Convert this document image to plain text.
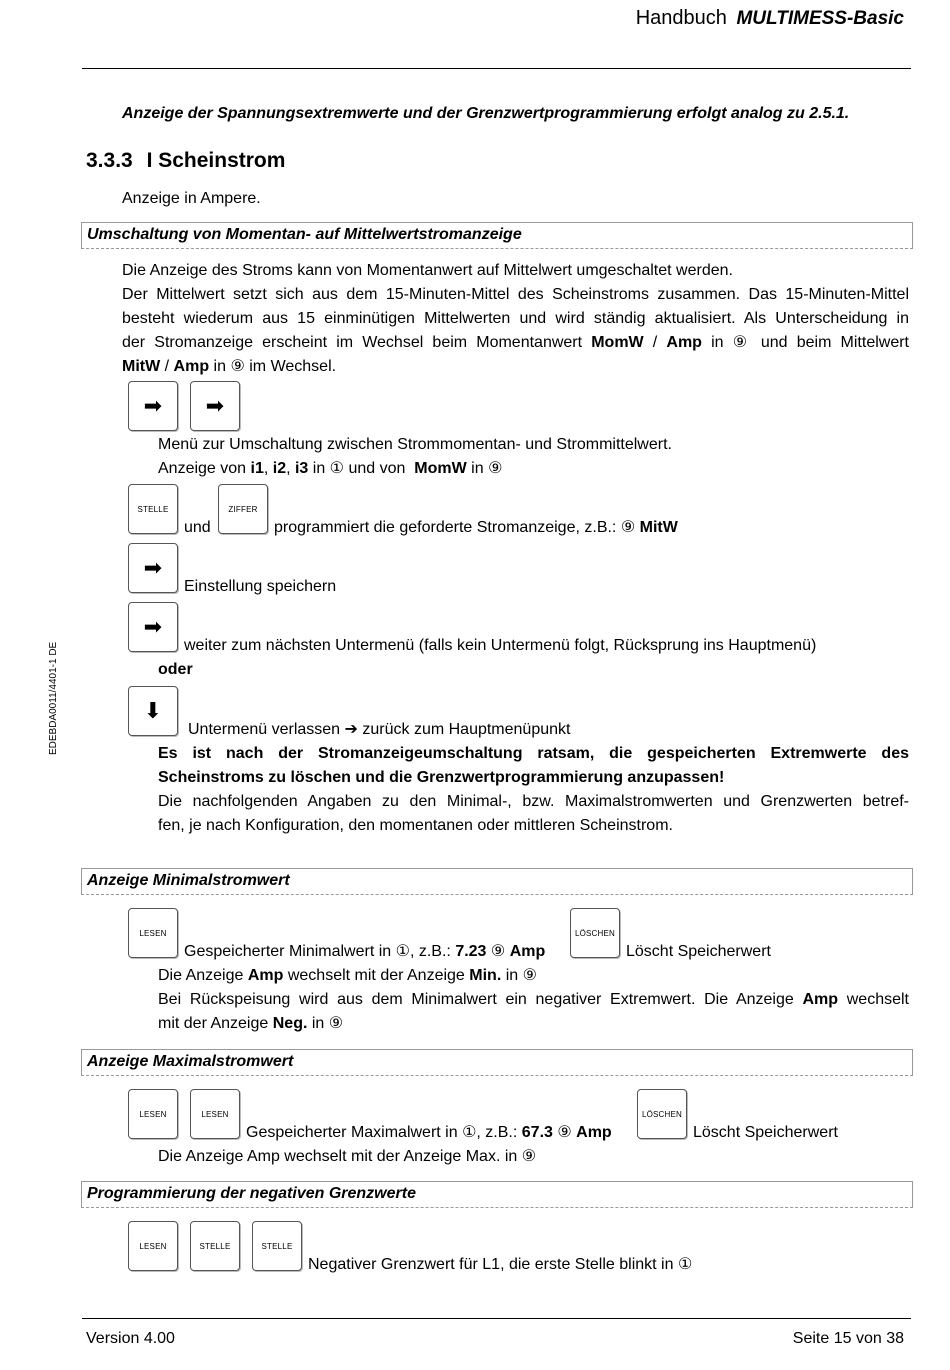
Handbuch MULTIMESS-Basic
EDEBDA0011/4401-1 DE
Anzeige der Spannungsextremwerte und der Grenzwertprogrammierung erfolgt analog zu 2.5.1.
3.3.3 I Scheinstrom
Anzeige in Ampere.
Umschaltung von Momentan- auf Mittelwertstromanzeige
Die Anzeige des Stroms kann von Momentanwert auf Mittelwert umgeschaltet werden.
Der Mittelwert setzt sich aus dem 15-Minuten-Mittel des Scheinstroms zusammen. Das 15-Minuten-Mittel
besteht wiederum aus 15 einminütigen Mittelwerten und wird ständig aktualisiert. Als Unterscheidung in
der Stromanzeige erscheint im Wechsel beim Momentanwert MomW / Amp in ⑨ und beim Mittelwert
MitW / Amp in ⑨ im Wechsel.
➡ ➡
Menü zur Umschaltung zwischen Strommomentan- und Strommittelwert.
Anzeige von i1, i2, i3 in ① und von  MomW in ⑨
STELLE
und
ZIFFER
programmiert die geforderte Stromanzeige, z.B.: ⑨ MitW
➡
Einstellung speichern
➡
weiter zum nächsten Untermenü (falls kein Untermenü folgt, Rücksprung ins Hauptmenü)
oder
⬇
Untermenü verlassen ➔ zurück zum Hauptmenüpunkt
Es ist nach der Stromanzeigeumschaltung ratsam, die gespeicherten Extremwerte des
Scheinstroms zu löschen und die Grenzwertprogrammierung anzupassen!
Die nachfolgenden Angaben zu den Minimal-, bzw. Maximalstromwerten und Grenzwerten betref-
fen, je nach Konfiguration, den momentanen oder mittleren Scheinstrom.
Anzeige Minimalstromwert
LESEN
Gespeicherter Minimalwert in ①, z.B.: 7.23 ⑨ Amp
LÖSCHEN
Löscht Speicherwert
Die Anzeige Amp wechselt mit der Anzeige Min. in ⑨
Bei Rückspeisung wird aus dem Minimalwert ein negativer Extremwert. Die Anzeige Amp wechselt
mit der Anzeige Neg. in ⑨
Anzeige Maximalstromwert
LESEN	LESEN
Gespeicherter Maximalwert in ①, z.B.: 67.3 ⑨ Amp
LÖSCHEN
Löscht Speicherwert
Die Anzeige Amp wechselt mit der Anzeige Max. in ⑨
Programmierung der negativen Grenzwerte
LESEN	STELLE	STELLE
Negativer Grenzwert für L1, die erste Stelle blinkt in ①
Version 4.00	Seite 15 von 38
